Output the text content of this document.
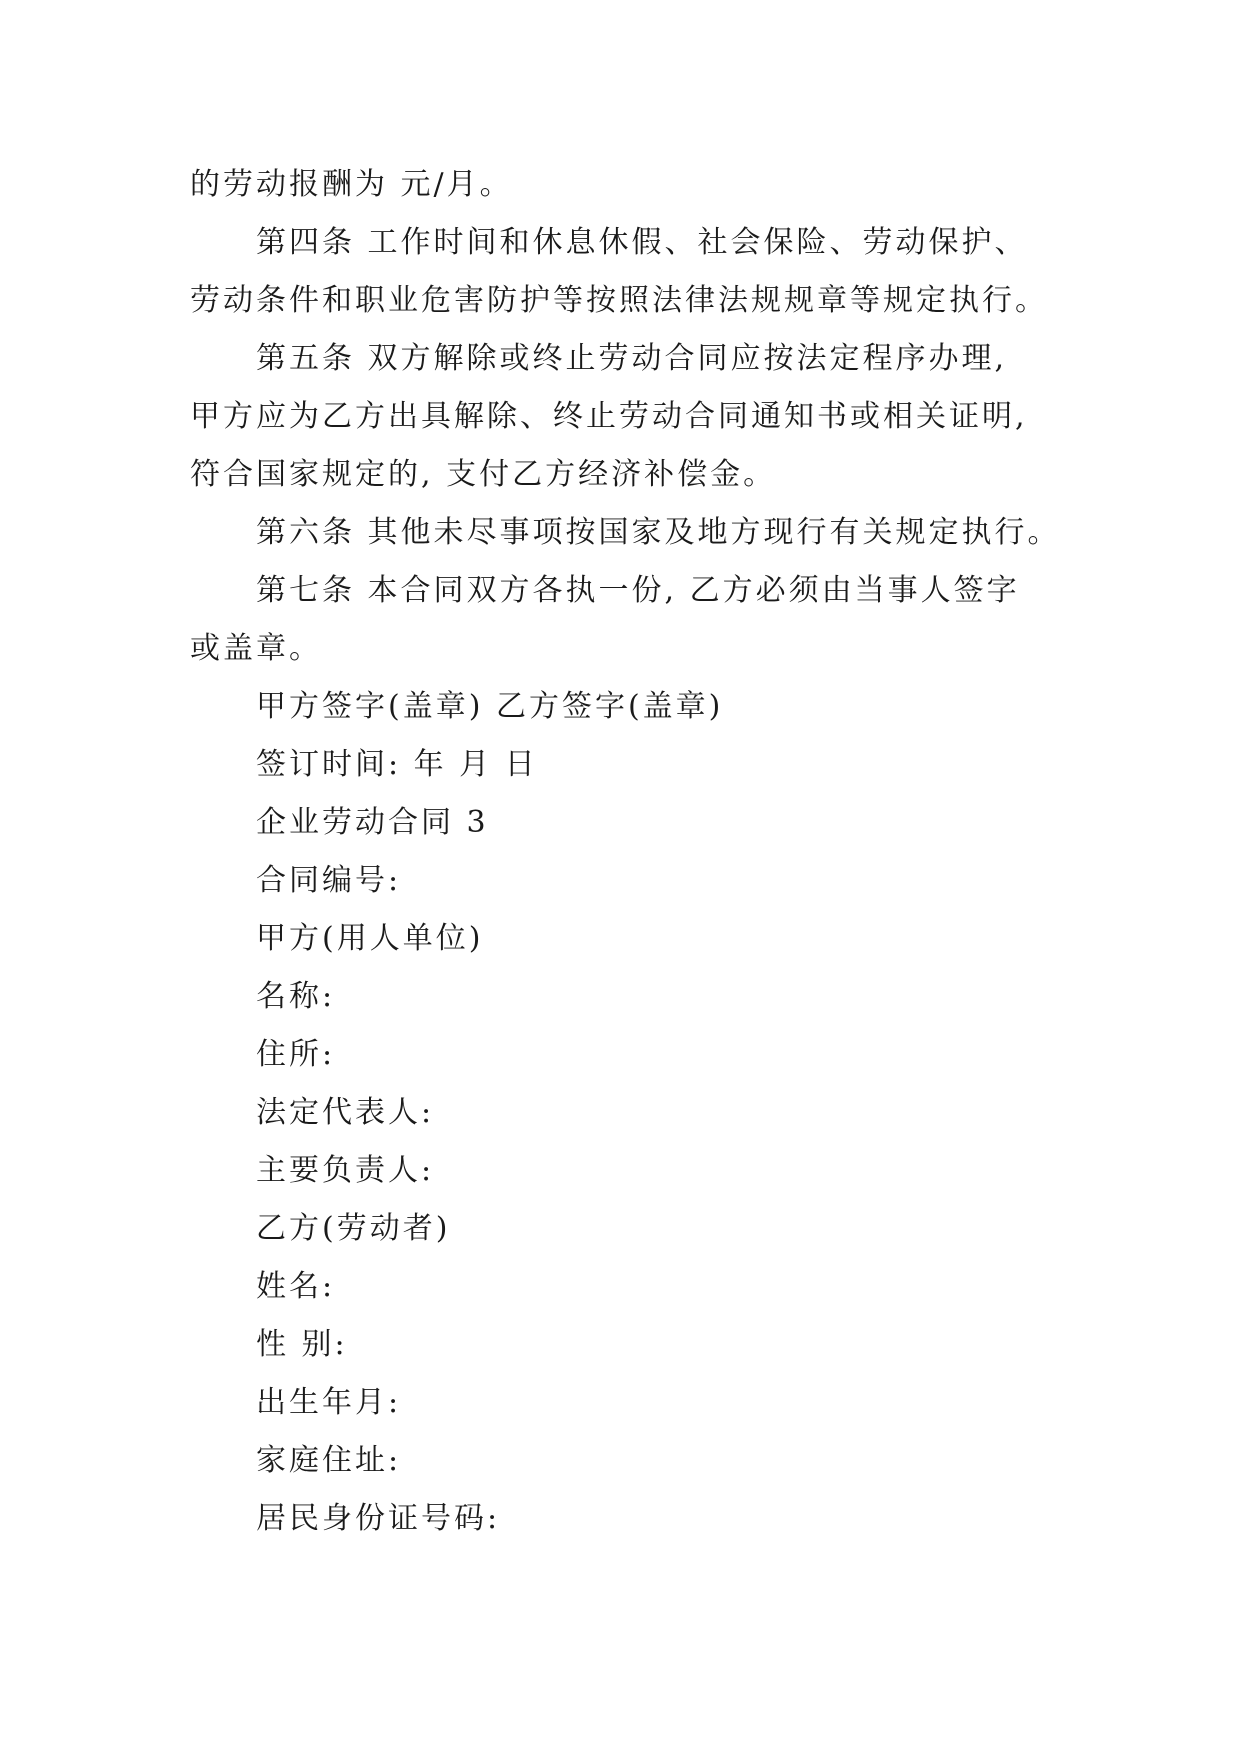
的劳动报酬为 元/月。
第四条 工作时间和休息休假、社会保险、劳动保护、
劳动条件和职业危害防护等按照法律法规规章等规定执行。
第五条 双方解除或终止劳动合同应按法定程序办理,
甲方应为乙方出具解除、终止劳动合同通知书或相关证明,
符合国家规定的, 支付乙方经济补偿金。
第六条 其他未尽事项按国家及地方现行有关规定执行。
第七条 本合同双方各执一份, 乙方必须由当事人签字
或盖章。
甲方签字(盖章) 乙方签字(盖章)
签订时间: 年 月 日
企业劳动合同 3
合同编号:
甲方(用人单位)
名称:
住所:
法定代表人:
主要负责人:
乙方(劳动者)
姓名:
性 别:
出生年月:
家庭住址:
居民身份证号码:
